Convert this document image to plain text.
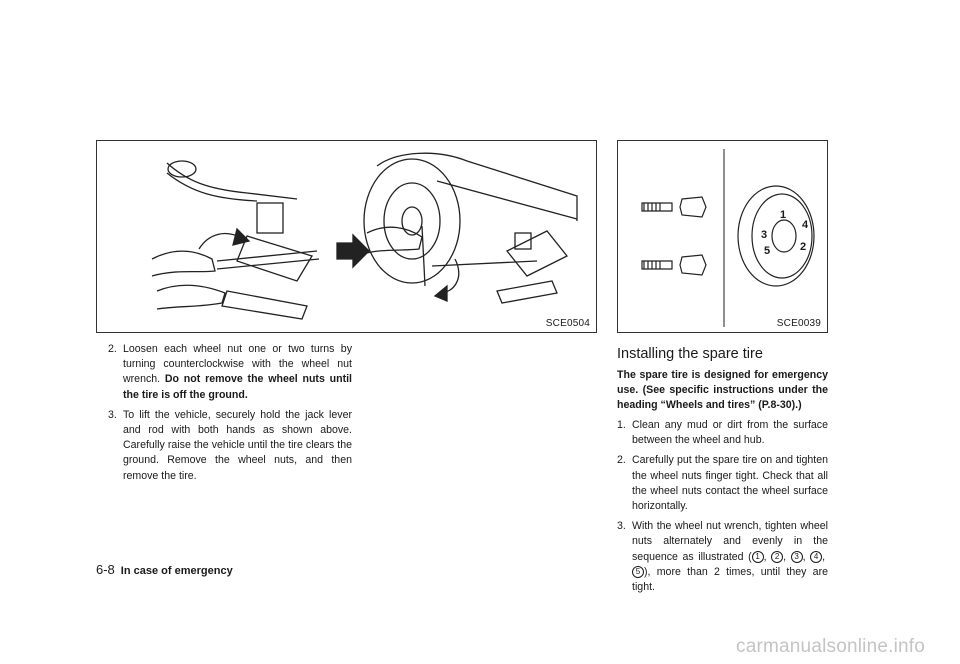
SCE0504
1
4
3
2
5
SCE0039
2. Loosen each wheel nut one or two turns by turning counterclockwise with the wheel nut wrench. Do not remove the wheel nuts until the tire is off the ground.
3. To lift the vehicle, securely hold the jack lever and rod with both hands as shown above. Carefully raise the vehicle until the tire clears the ground. Remove the wheel nuts, and then remove the tire.
Installing the spare tire
The spare tire is designed for emergency use. (See specific instructions under the heading “Wheels and tires” (P.8-30).)
1. Clean any mud or dirt from the surface between the wheel and hub.
2. Carefully put the spare tire on and tighten the wheel nuts finger tight. Check that all the wheel nuts contact the wheel surface horizontally.
3. With the wheel nut wrench, tighten wheel nuts alternately and evenly in the sequence as illustrated ( 1 , 2 , 3 , 4 , 5 ), more than 2 times, until they are tight.
6-8 In case of emergency
carmanualsonline.info
